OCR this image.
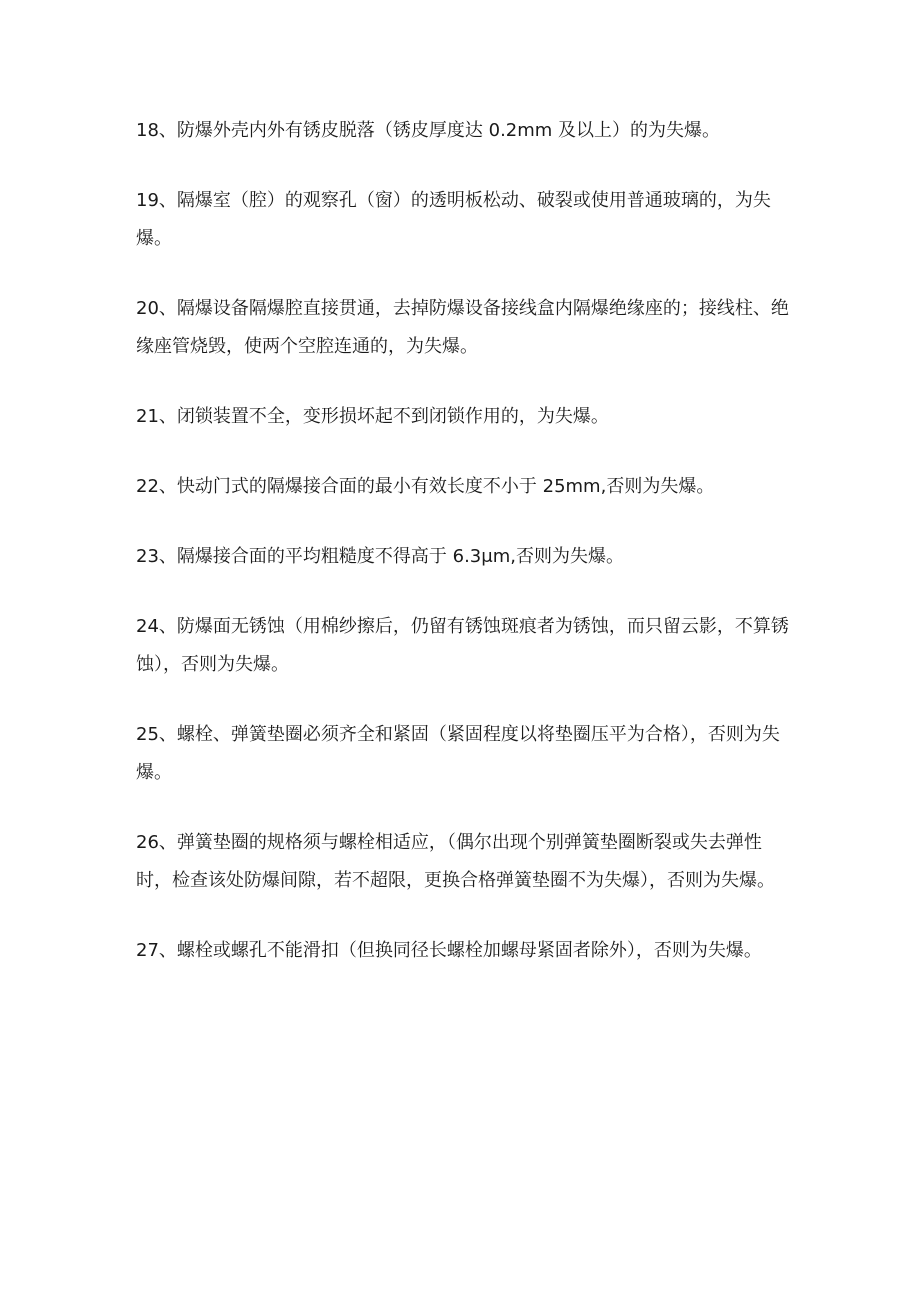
18、防爆外壳内外有锈皮脱落（锈皮厚度达 0.2mm 及以上）的为失爆。

19、隔爆室（腔）的观察孔（窗）的透明板松动、破裂或使用普通玻璃的，为失爆。

20、隔爆设备隔爆腔直接贯通，去掉防爆设备接线盒内隔爆绝缘座的；接线柱、绝缘座管烧毁，使两个空腔连通的，为失爆。

21、闭锁装置不全，变形损坏起不到闭锁作用的，为失爆。

22、快动门式的隔爆接合面的最小有效长度不小于 25mm,否则为失爆。

23、隔爆接合面的平均粗糙度不得高于 6.3μm,否则为失爆。

24、防爆面无锈蚀（用棉纱擦后，仍留有锈蚀斑痕者为锈蚀，而只留云影，不算锈蚀），否则为失爆。

25、螺栓、弹簧垫圈必须齐全和紧固（紧固程度以将垫圈压平为合格），否则为失爆。

26、弹簧垫圈的规格须与螺栓相适应，（偶尔出现个别弹簧垫圈断裂或失去弹性时，检查该处防爆间隙，若不超限，更换合格弹簧垫圈不为失爆），否则为失爆。

27、螺栓或螺孔不能滑扣（但换同径长螺栓加螺母紧固者除外），否则为失爆。
